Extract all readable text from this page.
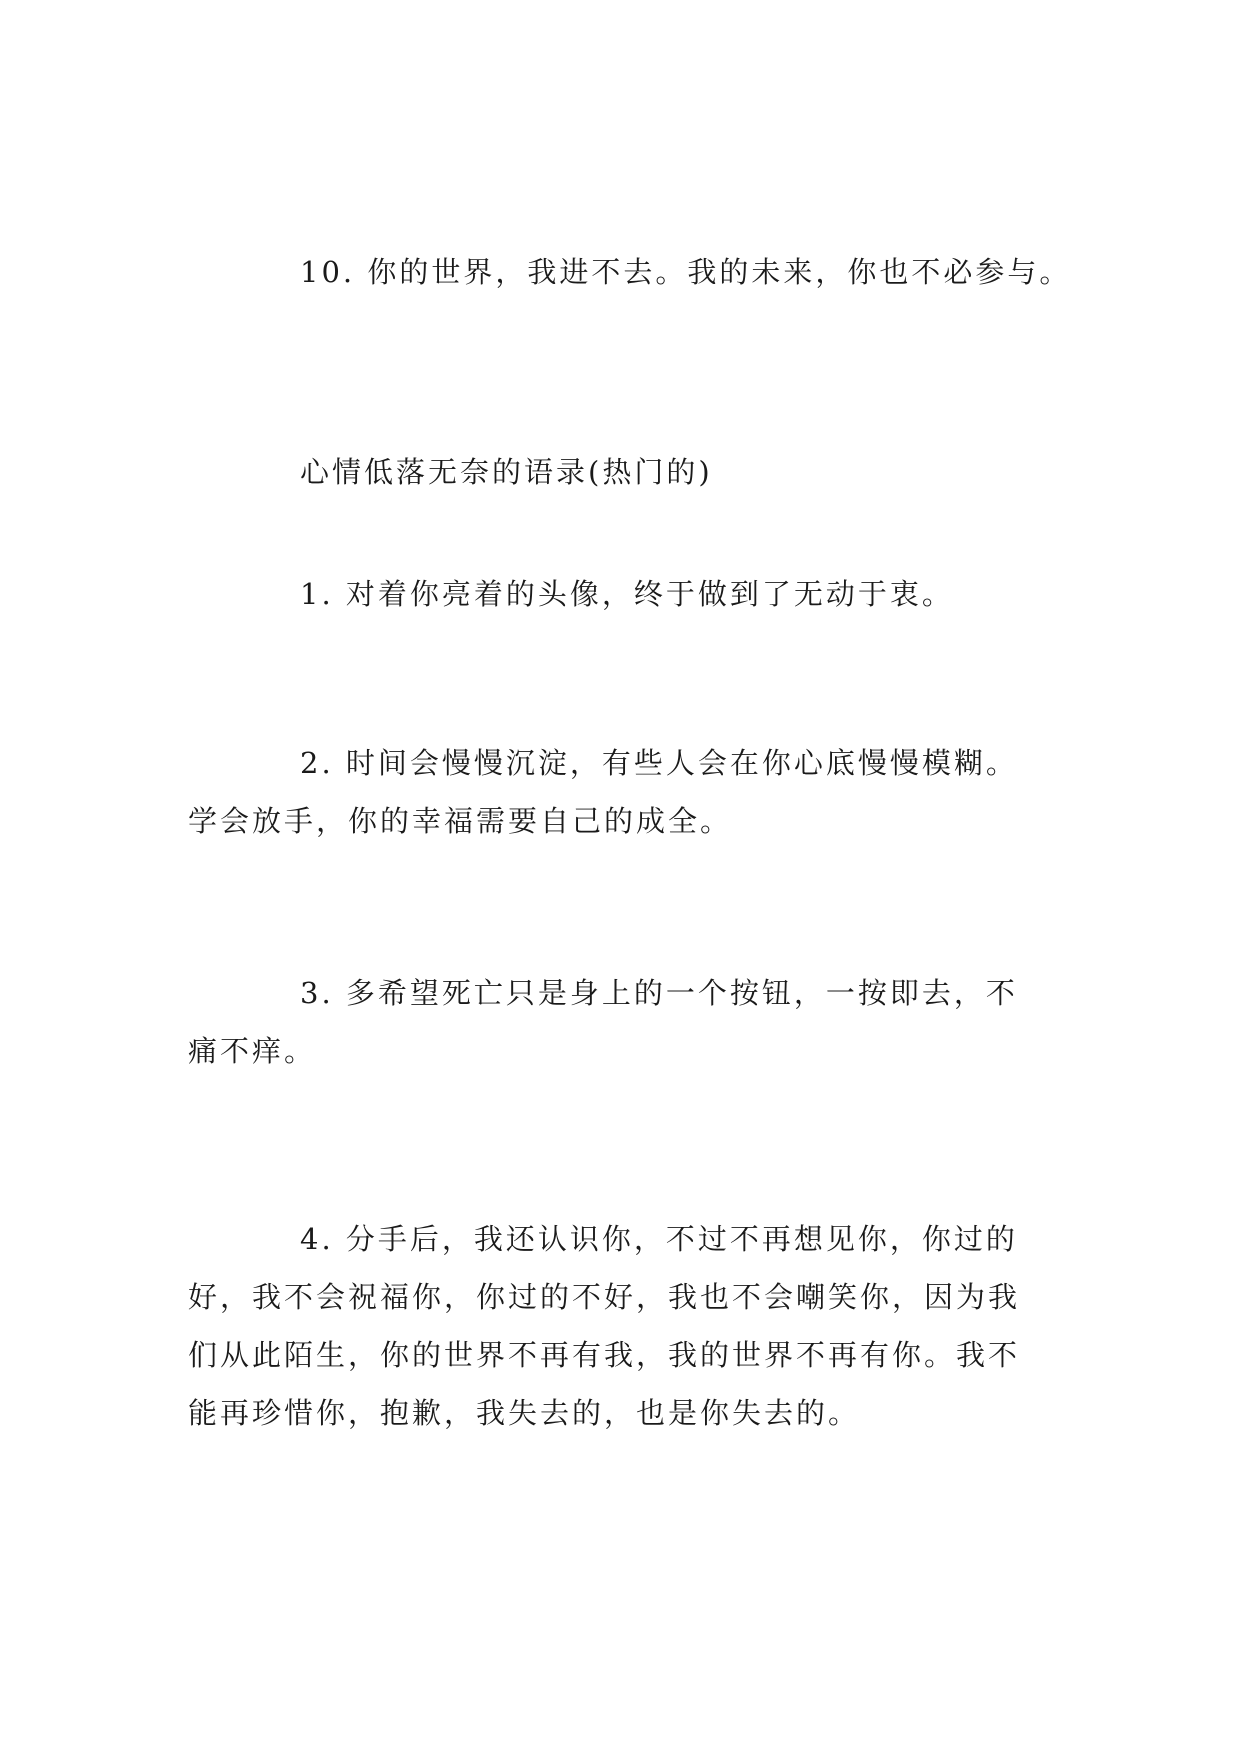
10. 你的世界，我进不去。我的未来，你也不必参与。
心情低落无奈的语录(热门的)
1. 对着你亮着的头像，终于做到了无动于衷。
2. 时间会慢慢沉淀，有些人会在你心底慢慢模糊。
学会放手，你的幸福需要自己的成全。
3. 多希望死亡只是身上的一个按钮，一按即去，不
痛不痒。
4. 分手后，我还认识你，不过不再想见你，你过的
好，我不会祝福你，你过的不好，我也不会嘲笑你，因为我
们从此陌生，你的世界不再有我，我的世界不再有你。我不
能再珍惜你，抱歉，我失去的，也是你失去的。
